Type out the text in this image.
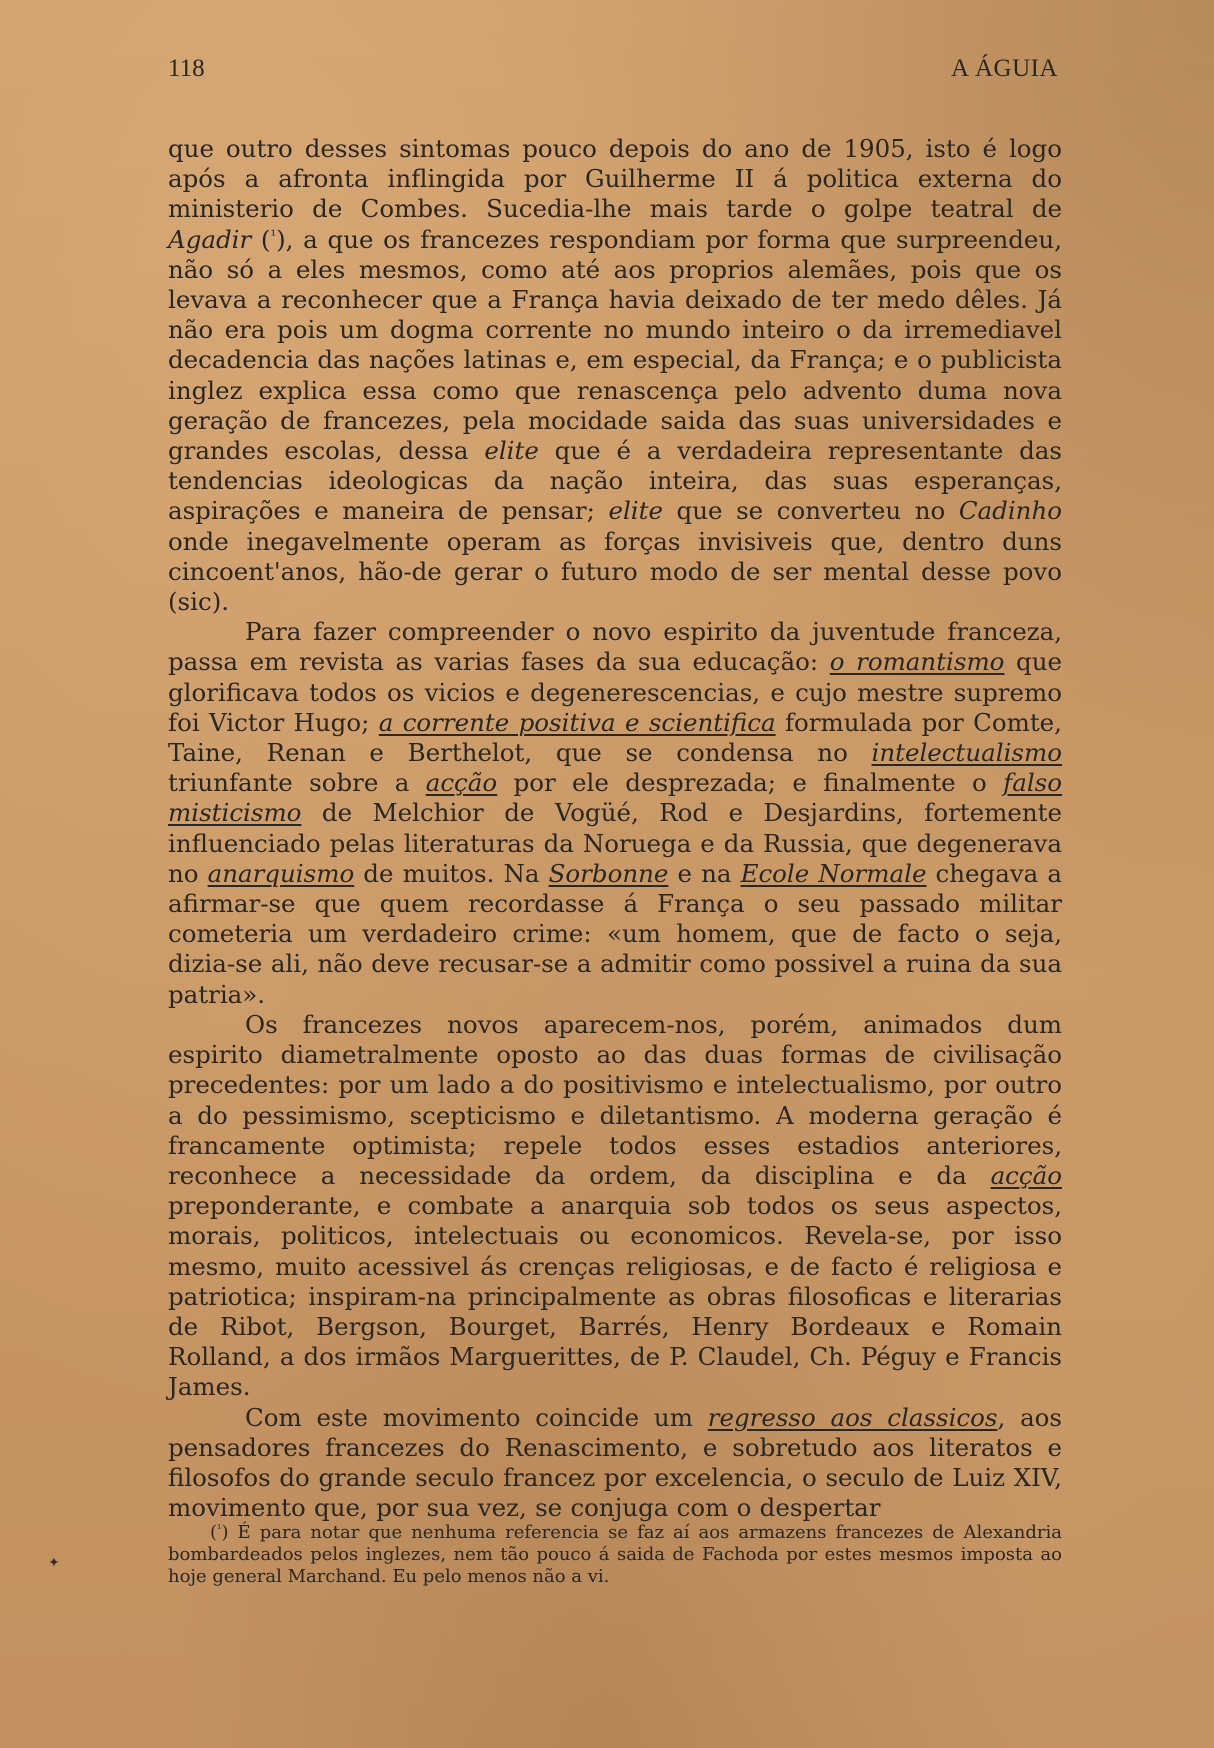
118	A ÁGUIA

que outro desses sintomas pouco depois do ano de 1905, isto é logo após a afronta inflingida por Guilherme II á politica externa do ministerio de Combes. Sucedia-lhe mais tarde o golpe teatral de Agadir ($^{^1}$), a que os francezes respondiam por forma que surpreendeu, não só a eles mesmos, como até aos proprios alemães, pois que os levava a reconhecer que a França havia deixado de ter medo dêles. Já não era pois um dogma corrente no mundo inteiro o da irremediavel decadencia das nações latinas e, em especial, da França; e o publicista inglez explica essa como que renascença pelo advento duma nova geração de francezes, pela mocidade saida das suas universidades e grandes escolas, dessa elite que é a verdadeira representante das tendencias ideologicas da nação inteira, das suas esperanças, aspirações e maneira de pensar; elite que se converteu no Cadinho onde inegavelmente operam as forças invisiveis que, dentro duns cincoent'anos, hão-de gerar o futuro modo de ser mental desse povo (sic).

Para fazer compreender o novo espirito da juventude franceza, passa em revista as varias fases da sua educação: o romantismo que glorificava todos os vicios e degenerescencias, e cujo mestre supremo foi Victor Hugo; a corrente positiva e scientifica formulada por Comte, Taine, Renan e Berthelot, que se condensa no intelectualismo triunfante sobre a acção por ele desprezada; e finalmente o falso misticismo de Melchior de Vogüé, Rod e Desjardins, fortemente influenciado pelas literaturas da Noruega e da Russia, que degenerava no anarquismo de muitos. Na Sorbonne e na Ecole Normale chegava a afirmar-se que quem recordasse á França o seu passado militar cometeria um verdadeiro crime: «um homem, que de facto o seja, dizia-se ali, não deve recusar-se a admitir como possivel a ruina da sua patria».

Os francezes novos aparecem-nos, porém, animados dum espirito diametralmente oposto ao das duas formas de civilisação precedentes: por um lado a do positivismo e intelectualismo, por outro a do pessimismo, scepticismo e diletantismo. A moderna geração é francamente optimista; repele todos esses estadios anteriores, reconhece a necessidade da ordem, da disciplina e da acção preponderante, e combate a anarquia sob todos os seus aspectos, morais, politicos, intelectuais ou economicos. Revela-se, por isso mesmo, muito acessivel ás crenças religiosas, e de facto é religiosa e patriotica; inspiram-na principalmente as obras filosoficas e literarias de Ribot, Bergson, Bourget, Barrés, Henry Bordeaux e Romain Rolland, a dos irmãos Marguerittes, de P. Claudel, Ch. Péguy e Francis James.

Com este movimento coincide um regresso aos classicos, aos pensadores francezes do Renascimento, e sobretudo aos literatos e filosofos do grande seculo francez por excelencia, o seculo de Luiz XIV, movimento que, por sua vez, se conjuga com o despertar

($^{^1}$) É para notar que nenhuma referencia se faz aí aos armazens francezes de Alexandria bombardeados pelos inglezes, nem tão pouco á saida de Fachoda por estes mesmos imposta ao hoje general Marchand. Eu pelo menos não a vi.

✦
